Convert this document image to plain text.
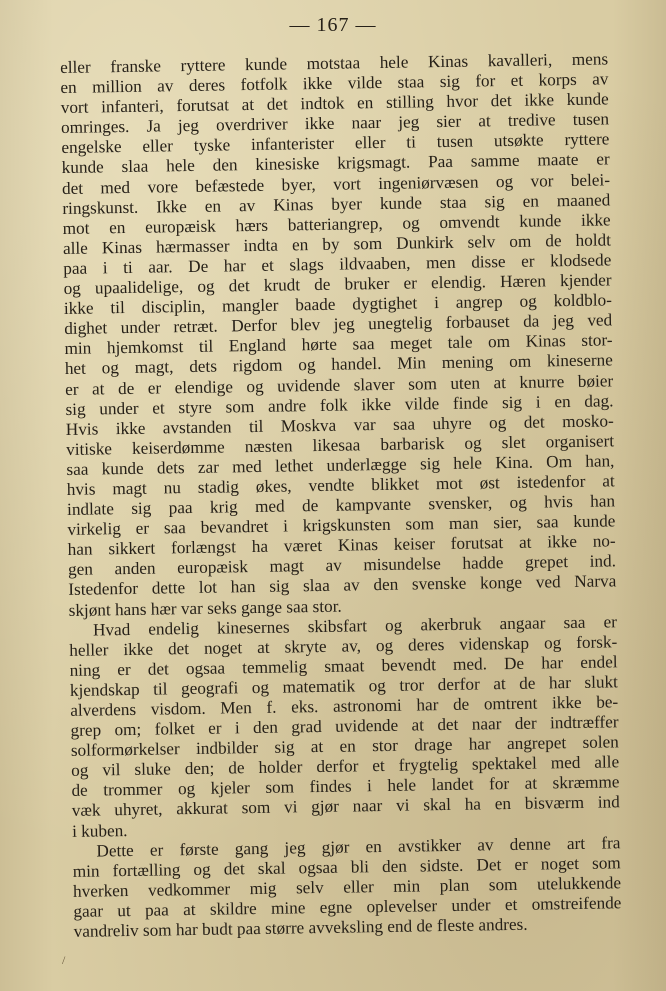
— 167 —
eller franske ryttere kunde motstaa hele Kinas kavalleri, mens
en million av deres fotfolk ikke vilde staa sig for et korps av
vort infanteri, forutsat at det indtok en stilling hvor det ikke kunde
omringes. Ja jeg overdriver ikke naar jeg sier at tredive tusen
engelske eller tyske infanterister eller ti tusen utsøkte ryttere
kunde slaa hele den kinesiske krigsmagt. Paa samme maate er
det med vore befæstede byer, vort ingeniørvæsen og vor belei-
ringskunst. Ikke en av Kinas byer kunde staa sig en maaned
mot en europæisk hærs batteriangrep, og omvendt kunde ikke
alle Kinas hærmasser indta en by som Dunkirk selv om de holdt
paa i ti aar. De har et slags ildvaaben, men disse er klodsede
og upaalidelige, og det krudt de bruker er elendig. Hæren kjender
ikke til disciplin, mangler baade dygtighet i angrep og koldblo-
dighet under retræt. Derfor blev jeg unegtelig forbauset da jeg ved
min hjemkomst til England hørte saa meget tale om Kinas stor-
het og magt, dets rigdom og handel. Min mening om kineserne
er at de er elendige og uvidende slaver som uten at knurre bøier
sig under et styre som andre folk ikke vilde finde sig i en dag.
Hvis ikke avstanden til Moskva var saa uhyre og det mosko-
vitiske keiserdømme næsten likesaa barbarisk og slet organisert
saa kunde dets zar med lethet underlægge sig hele Kina. Om han,
hvis magt nu stadig økes, vendte blikket mot øst istedenfor at
indlate sig paa krig med de kampvante svensker, og hvis han
virkelig er saa bevandret i krigskunsten som man sier, saa kunde
han sikkert forlængst ha været Kinas keiser forutsat at ikke no-
gen anden europæisk magt av misundelse hadde grepet ind.
Istedenfor dette lot han sig slaa av den svenske konge ved Narva
skjønt hans hær var seks gange saa stor.
Hvad endelig kinesernes skibsfart og akerbruk angaar saa er
heller ikke det noget at skryte av, og deres videnskap og forsk-
ning er det ogsaa temmelig smaat bevendt med. De har endel
kjendskap til geografi og matematik og tror derfor at de har slukt
alverdens visdom. Men f. eks. astronomi har de omtrent ikke be-
grep om; folket er i den grad uvidende at det naar der indtræffer
solformørkelser indbilder sig at en stor drage har angrepet solen
og vil sluke den; de holder derfor et frygtelig spektakel med alle
de trommer og kjeler som findes i hele landet for at skræmme
væk uhyret, akkurat som vi gjør naar vi skal ha en bisværm ind
i kuben.
Dette er første gang jeg gjør en avstikker av denne art fra
min fortælling og det skal ogsaa bli den sidste. Det er noget som
hverken vedkommer mig selv eller min plan som utelukkende
gaar ut paa at skildre mine egne oplevelser under et omstreifende
vandreliv som har budt paa større avveksling end de fleste andres.
/
